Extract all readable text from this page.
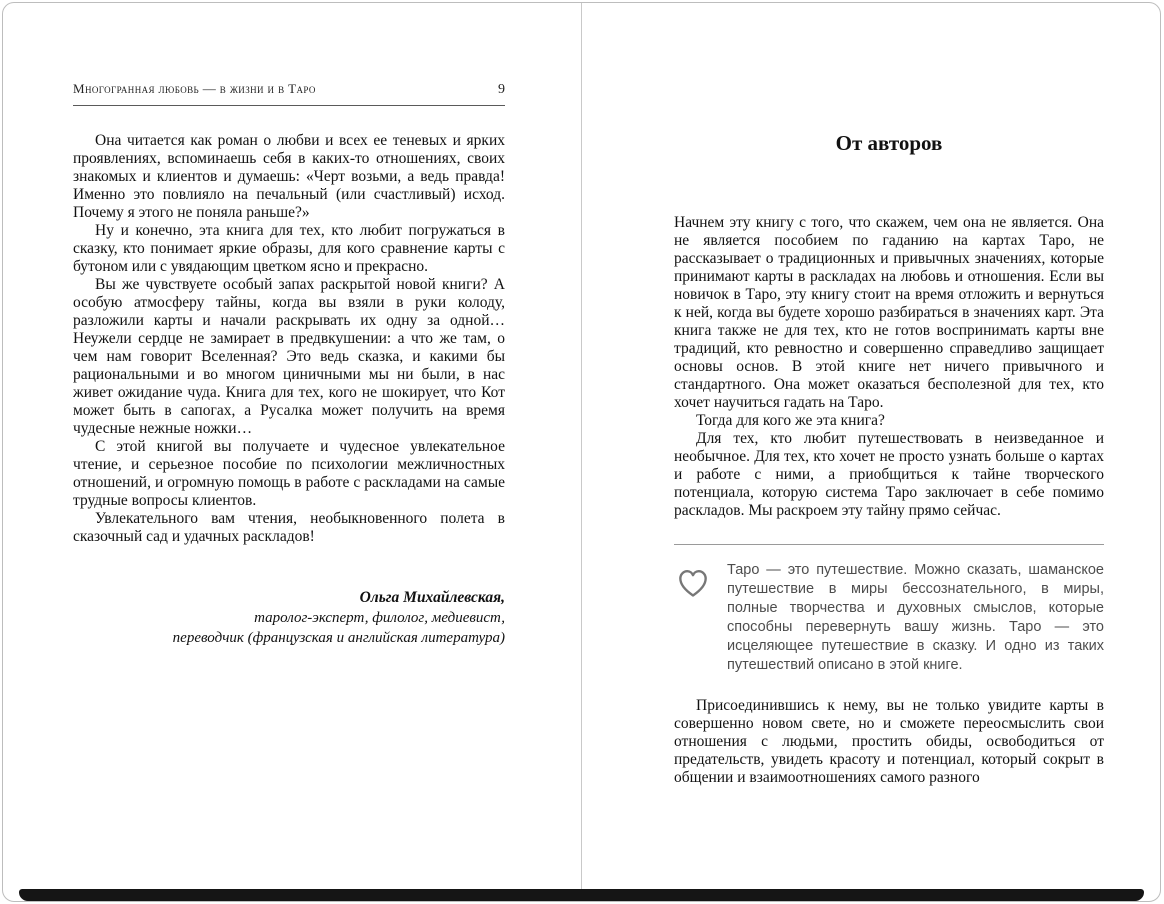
Многогранная любовь — в жизни и в Таро	9

Она читается как роман о любви и всех ее теневых и ярких проявлениях, вспоминаешь себя в каких-то отношениях, своих знакомых и клиентов и думаешь: «Черт возьми, а ведь правда! Именно это повлияло на печальный (или счастливый) исход. Почему я этого не поняла раньше?»

Ну и конечно, эта книга для тех, кто любит погружаться в сказку, кто понимает яркие образы, для кого сравнение карты с бутоном или с увядающим цветком ясно и прекрасно.

Вы же чувствуете особый запах раскрытой новой книги? А особую атмосферу тайны, когда вы взяли в руки колоду, разложили карты и начали раскрывать их одну за одной… Неужели сердце не замирает в предвкушении: а что же там, о чем нам говорит Вселенная? Это ведь сказка, и какими бы рациональными и во многом циничными мы ни были, в нас живет ожидание чуда. Книга для тех, кого не шокирует, что Кот может быть в сапогах, а Русалка может получить на время чудесные нежные ножки…

С этой книгой вы получаете и чудесное увлекательное чтение, и серьезное пособие по психологии межличностных отношений, и огромную помощь в работе с раскладами на самые трудные вопросы клиентов.

Увлекательного вам чтения, необыкновенного полета в сказочный сад и удачных раскладов!

Ольга Михайлевская,
таролог-эксперт, филолог, медиевист,
переводчик (французская и английская литература)
От авторов

Начнем эту книгу с того, что скажем, чем она не является. Она не является пособием по гаданию на картах Таро, не рассказывает о традиционных и привычных значениях, которые принимают карты в раскладах на любовь и отношения. Если вы новичок в Таро, эту книгу стоит на время отложить и вернуться к ней, когда вы будете хорошо разбираться в значениях карт. Эта книга также не для тех, кто не готов воспринимать карты вне традиций, кто ревностно и совершенно справедливо защищает основы основ. В этой книге нет ничего привычного и стандартного. Она может оказаться бесполезной для тех, кто хочет научиться гадать на Таро.

Тогда для кого же эта книга?

Для тех, кто любит путешествовать в неизведанное и необычное. Для тех, кто хочет не просто узнать больше о картах и работе с ними, а приобщиться к тайне творческого потенциала, которую система Таро заключает в себе помимо раскладов. Мы раскроем эту тайну прямо сейчас.

Таро — это путешествие. Можно сказать, шаманское путешествие в миры бессознательного, в миры, полные творчества и духовных смыслов, которые способны перевернуть вашу жизнь. Таро — это исцеляющее путешествие в сказку. И одно из таких путешествий описано в этой книге.

Присоединившись к нему, вы не только увидите карты в совершенно новом свете, но и сможете переосмыслить свои отношения с людьми, простить обиды, освободиться от предательств, увидеть красоту и потенциал, который сокрыт в общении и взаимоотношениях самого разного
